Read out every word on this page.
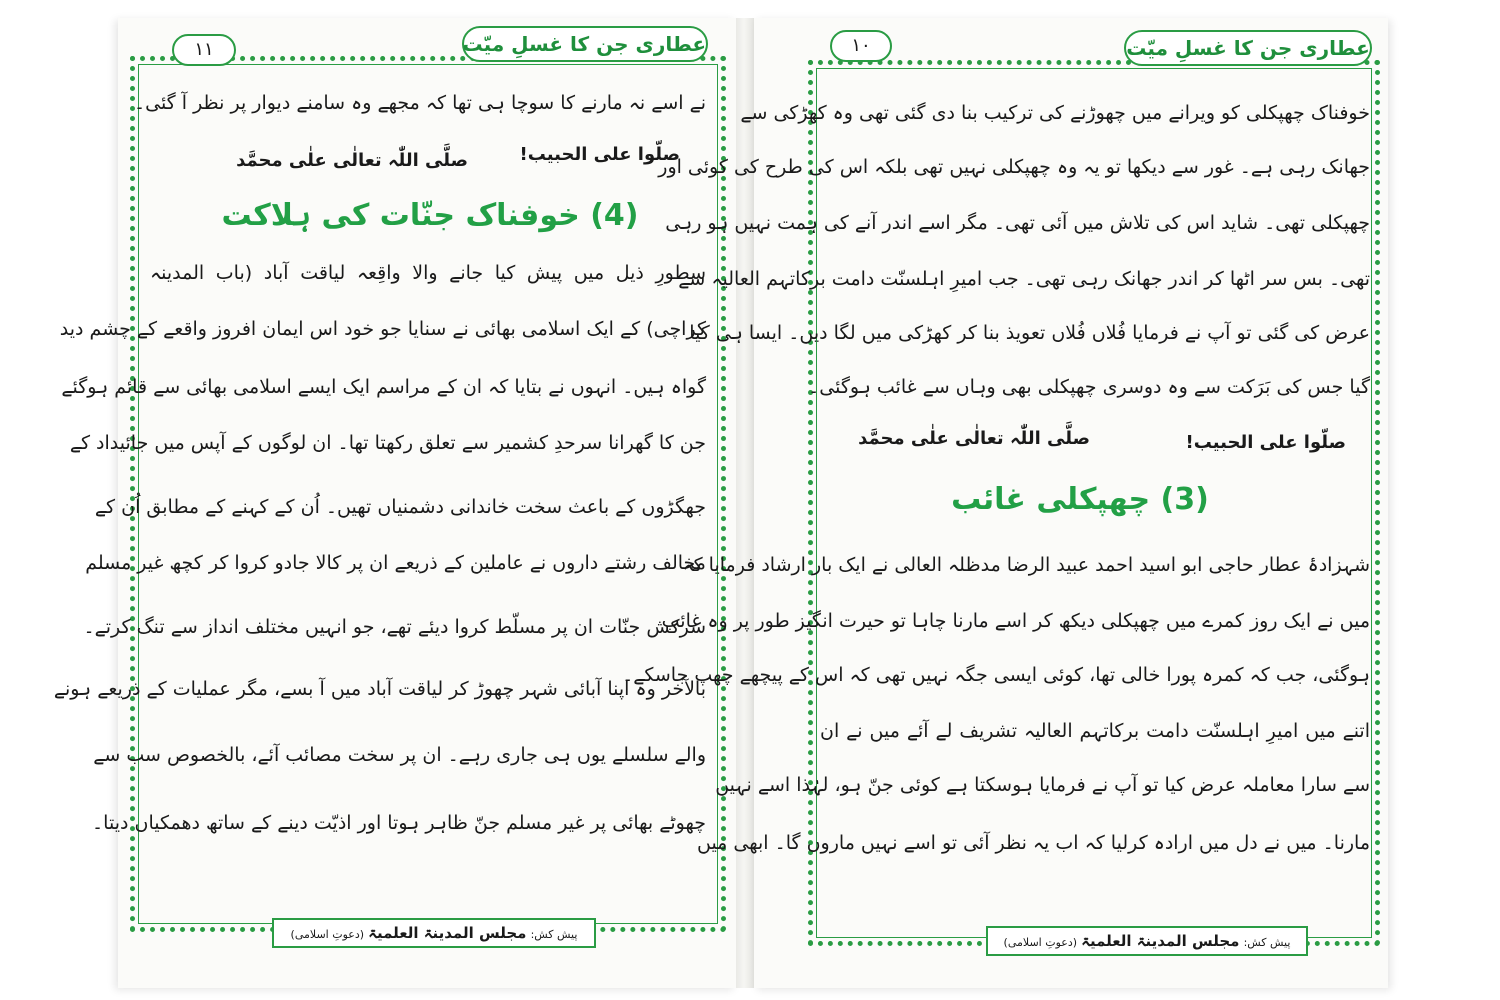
۱۱	عطاری جن کا غسلِ میّت
نے اسے نہ مارنے کا سوچا ہی تھا کہ مجھے وہ سامنے دیوار پر نظر آ گئی۔
صلّوا علی الحبیب!
صلَّی اللّٰہ تعالٰی علٰی محمَّد
(4) خوفناک جنّات کی ہلاکت
سطورِ ذیل میں پیش کیا جانے والا واقِعہ لیاقت آباد (باب المدینہ
کراچی) کے ایک اسلامی بھائی نے سنایا جو خود اس ایمان افروز واقعے کے چشم دید
گواہ ہیں۔ انہوں نے بتایا کہ ان کے مراسم ایک ایسے اسلامی بھائی سے قائم ہوگئے
جن کا گھرانا سرحدِ کشمیر سے تعلق رکھتا تھا۔ ان لوگوں کے آپس میں جائیداد کے
جھگڑوں کے باعث سخت خاندانی دشمنیاں تھیں۔ اُن کے کہنے کے مطابق اُن کے
مخالف رشتے داروں نے عاملین کے ذریعے ان پر کالا جادو کروا کر کچھ غیر مسلم
سرکش جنّات ان پر مسلّط کروا دیئے تھے، جو انہیں مختلف انداز سے تنگ کرتے۔
بالآخر وہ اپنا آبائی شہر چھوڑ کر لیاقت آباد میں آ بسے، مگر عملیات کے ذریعے ہونے
والے سلسلے یوں ہی جاری رہے۔ ان پر سخت مصائب آئے، بالخصوص سب سے
چھوٹے بھائی پر غیر مسلم جنّ ظاہر ہوتا اور اذیّت دینے کے ساتھ دھمکیاں دیتا۔
پیش کش: مجلس المدینۃ العلمیۃ (دعوتِ اسلامی)
۱۰	عطاری جن کا غسلِ میّت
خوفناک چھپکلی کو ویرانے میں چھوڑنے کی ترکیب بنا دی گئی تھی وہ کھڑکی سے
جھانک رہی ہے۔ غور سے دیکھا تو یہ وہ چھپکلی نہیں تھی بلکہ اس کی طرح کی کوئی اور
چھپکلی تھی۔ شاید اس کی تلاش میں آئی تھی۔ مگر اسے اندر آنے کی ہمت نہیں ہو رہی
تھی۔ بس سر اٹھا کر اندر جھانک رہی تھی۔ جب امیرِ اہلسنّت دامت برکاتہم العالیہ سے
عرض کی گئی تو آپ نے فرمایا فُلاں فُلاں تعویذ بنا کر کھڑکی میں لگا دیں۔ ایسا ہی کیا
گیا جس کی بَرَکت سے وہ دوسری چھپکلی بھی وہاں سے غائب ہوگئی۔
صلّوا علی الحبیب!
صلَّی اللّٰہ تعالٰی علٰی محمَّد
(3) چھپکلی غائب
شہزادۂ عطار حاجی ابو اسید احمد عبید الرضا مدظلہ العالی نے ایک بار ارشاد فرمایا کہ
میں نے ایک روز کمرے میں چھپکلی دیکھ کر اسے مارنا چاہا تو حیرت انگیز طور پر وہ غائب
ہوگئی، جب کہ کمرہ پورا خالی تھا، کوئی ایسی جگہ نہیں تھی کہ اس کے پیچھے چھپ جاسکے۔
اتنے میں امیرِ اہلسنّت دامت برکاتہم العالیہ تشریف لے آئے میں نے ان
سے سارا معاملہ عرض کیا تو آپ نے فرمایا ہوسکتا ہے کوئی جنّ ہو، لہٰذا اسے نہیں
مارنا۔ میں نے دل میں ارادہ کرلیا کہ اب یہ نظر آئی تو اسے نہیں ماروں گا۔ ابھی میں
پیش کش: مجلس المدینۃ العلمیۃ (دعوتِ اسلامی)
